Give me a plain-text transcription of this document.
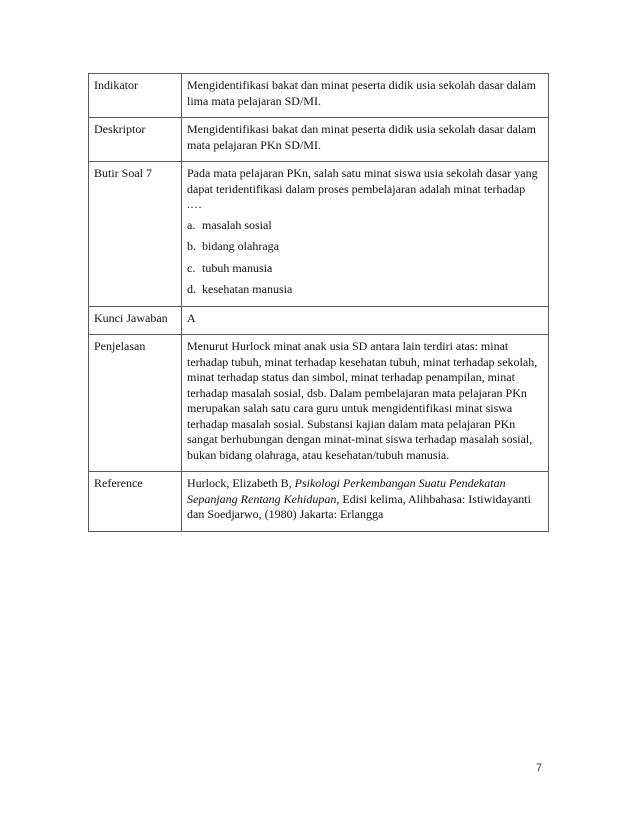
Indikator	Mengidentifikasi bakat dan minat peserta didik usia sekolah dasar dalam lima mata pelajaran SD/MI.
Deskriptor	Mengidentifikasi bakat dan minat peserta didik usia sekolah dasar dalam mata pelajaran PKn SD/MI.
Butir Soal 7	Pada mata pelajaran PKn, salah satu minat siswa usia sekolah dasar yang dapat teridentifikasi dalam proses pembelajaran adalah minat terhadap .…
a. masalah sosial
b. bidang olahraga
c. tubuh manusia
d. kesehatan manusia

Kunci Jawaban	A
Penjelasan	Menurut Hurlock minat anak usia SD antara lain terdiri atas: minat terhadap tubuh, minat terhadap kesehatan tubuh, minat terhadap sekolah, minat terhadap status dan simbol, minat terhadap penampilan, minat terhadap masalah sosial, dsb. Dalam pembelajaran mata pelajaran PKn merupakan salah satu cara guru untuk mengidentifikasi minat siswa terhadap masalah sosial. Substansi kajian dalam mata pelajaran PKn sangat berhubungan dengan minat-minat siswa terhadap masalah sosial, bukan bidang olahraga, atau kesehatan/tubuh manusia.
Reference	Hurlock, Elizabeth B, Psikologi Perkembangan Suatu Pendekatan Sepanjang Rentang Kehidupan, Edisi kelima, Alihbahasa: Istiwidayanti dan Soedjarwo, (1980) Jakarta: Erlangga
7
